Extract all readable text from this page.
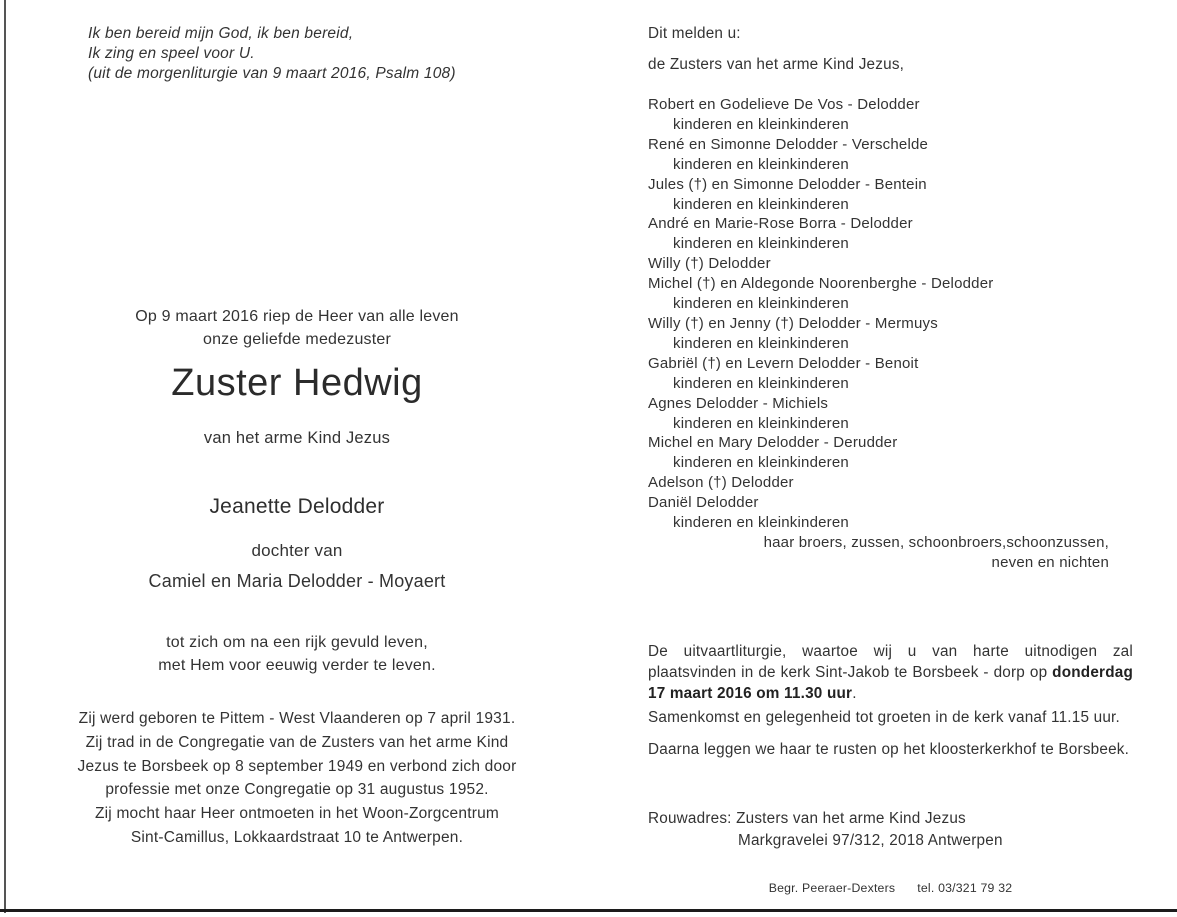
Ik ben bereid mijn God, ik ben bereid,
Ik zing en speel voor U.
(uit de morgenliturgie van 9 maart 2016, Psalm 108)
Op 9 maart 2016 riep de Heer van alle leven
onze geliefde medezuster
Zuster Hedwig
van het arme Kind Jezus
Jeanette Delodder
dochter van
Camiel en Maria Delodder - Moyaert
tot zich om na een rijk gevuld leven,
met Hem voor eeuwig verder te leven.
Zij werd geboren te Pittem - West Vlaanderen op 7 april 1931.
Zij trad in de Congregatie van de Zusters van het arme Kind
Jezus te Borsbeek op 8 september 1949 en verbond zich door
professie met onze Congregatie op 31 augustus 1952.
Zij mocht haar Heer ontmoeten in het Woon-Zorgcentrum
Sint-Camillus, Lokkaardstraat 10 te Antwerpen.
Dit melden u:
de Zusters van het arme Kind Jezus,
Robert en Godelieve De Vos - Delodder
kinderen en kleinkinderen
René en Simonne Delodder - Verschelde
kinderen en kleinkinderen
Jules (†) en Simonne Delodder - Bentein
kinderen en kleinkinderen
André en Marie-Rose Borra - Delodder
kinderen en kleinkinderen
Willy (†) Delodder
Michel (†) en Aldegonde Noorenberghe - Delodder
kinderen en kleinkinderen
Willy (†) en Jenny (†) Delodder - Mermuys
kinderen en kleinkinderen
Gabriël (†) en Levern Delodder - Benoit
kinderen en kleinkinderen
Agnes Delodder - Michiels
kinderen en kleinkinderen
Michel en Mary Delodder - Derudder
kinderen en kleinkinderen
Adelson (†) Delodder
Daniël Delodder
kinderen en kleinkinderen
haar broers, zussen, schoonbroers,schoonzussen,
neven en nichten
De uitvaartliturgie, waartoe wij u van harte uitnodigen zal plaatsvinden in de kerk Sint-Jakob te Borsbeek - dorp op donderdag 17 maart 2016 om 11.30 uur.
Samenkomst en gelegenheid tot groeten in de kerk vanaf 11.15 uur.
Daarna leggen we haar te rusten op het kloosterkerkhof te Borsbeek.
Rouwadres: Zusters van het arme Kind Jezus
Markgravelei 97/312, 2018 Antwerpen
Begr. Peeraer-Dexters tel. 03/321 79 32
